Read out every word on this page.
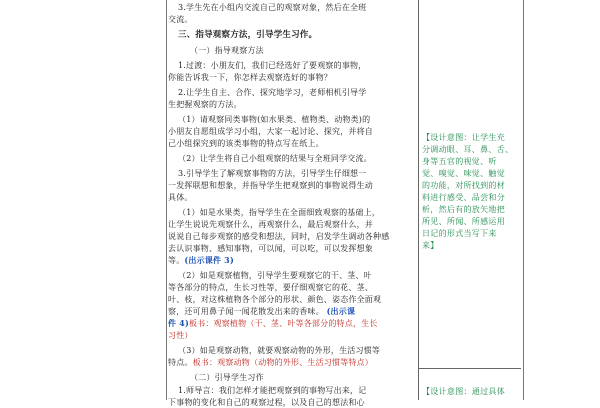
3.学生先在小组内交流自己的观察对象，然后在全班
交流。
三、指导观察方法，引导学生习作。
（一）指导观察方法
1.过渡：小朋友们，我们已经选好了要观察的事物，
你能告诉我一下，你怎样去观察选好的事物？
2.让学生自主、合作、探究地学习，老师相机引导学
生把握观察的方法。
（1）请观察同类事物(如水果类、植物类、动物类)的
小朋友自愿组成学习小组，大家一起讨论、探究，并将自
己小组探究到的该类事物的特点写在纸上。
（2）让学生将自己小组观察的结果与全班同学交流。
3.引导学生了解观察事物的方法，引导学生仔细想一
一发挥联想和想象，并指导学生把观察到的事物说得生动
具体。
（1）如是水果类，指导学生在全面细致观察的基础上，
让学生说说先观察什么，再观察什么，最后观察什么，并
说说自己每步观察的感受和想法，同时，启发学生调动各种感
去认识事物、感知事物，可以闻，可以吃，可以发挥想象
等。(出示课件 3)
（2）如是观察植物，引导学生要观察它的干、茎、叶
等各部分的特点，生长习性等，要仔细观察它的花、茎、
叶、枝，对这株植物各个部分的形状、颜色、姿态作全面观
察，还可用鼻子闻一闻花散发出来的香味。 (出示课
件 4)板书：观察植物（干、茎、叶等各部分的特点，生长
习性）
（3）如是观察动物，就要观察动物的外形，生活习惯等
特点。板书：观察动物（动物的外形、生活习惯等特点）
（二）引导学生习作
1.师导言：我们怎样才能把观察到的事物写出来，记
下事物的变化和自己的观察过程，以及自己的想法和心
【设计意图：让学生充
分调动眼、耳、鼻、舌、
身等五官的视觉、听
觉、嗅觉、味觉、触觉
的功能，对所找到的材
料进行感受、品尝和分
析，然后有的放矢地把
所见、所闻、所感运用
日记的形式当写下来
来】
【设计意图：通过具体
